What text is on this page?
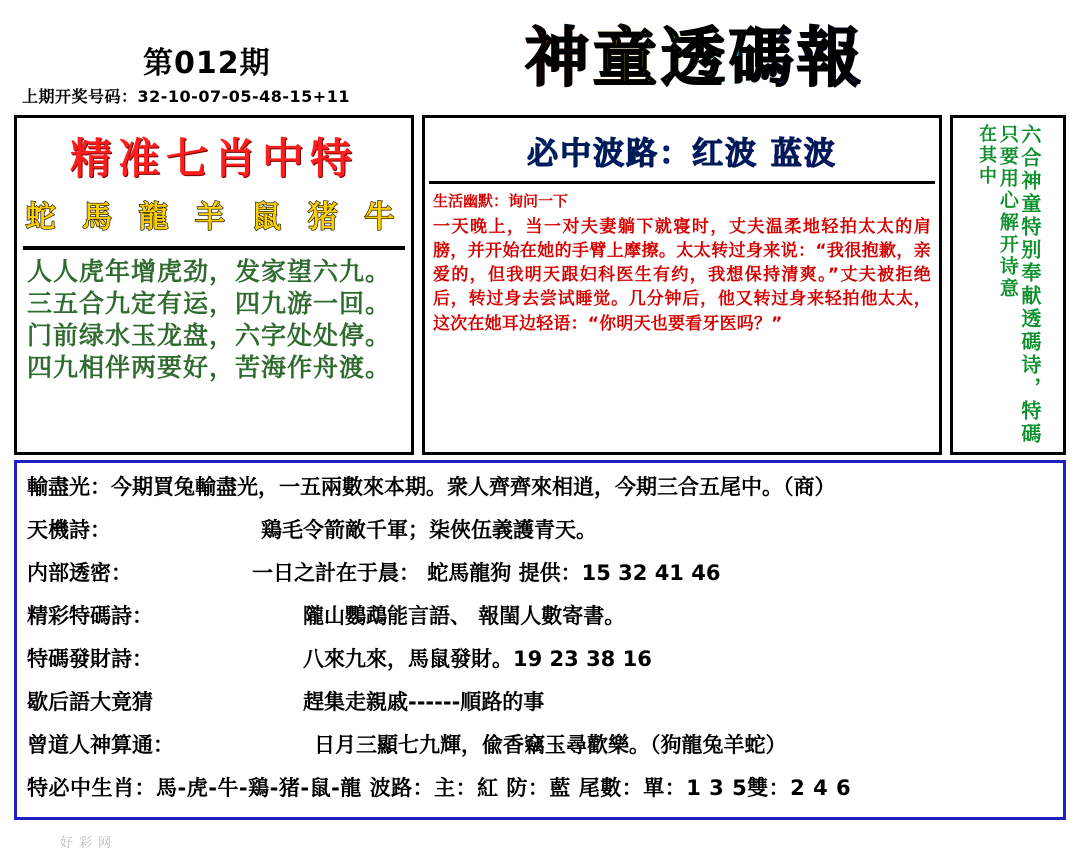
第012期
上期开奖号码：32-10-07-05-48-15+11
神童透碼報
精准七肖中特
蛇 馬 龍 羊 鼠 猪 牛
人人虎年增虎劲，发家望六九。
三五合九定有运，四九游一回。
门前绿水玉龙盘，六字处处停。
四九相伴两要好，苦海作舟渡。
必中波路：红波 蓝波
生活幽默：询问一下
一天晚上，当一对夫妻躺下就寝时，丈夫温柔地轻拍太太的肩膀，并开始在她的手臂上摩擦。太太转过身来说：“我很抱歉，亲爱的，但我明天跟妇科医生有约，我想保持清爽。”丈夫被拒绝后，转过身去尝试睡觉。几分钟后，他又转过身来轻拍他太太，这次在她耳边轻语：“你明天也要看牙医吗？”	六合神童特别奉献透碼诗，特碼
只要用心解开诗意
在其中
輸盡光： 今期買兔輸盡光，一五兩數來本期。衆人齊齊來相逍，今期三合五尾中。（商）
天機詩：	鶏毛令箭敵千軍；柒俠伍義護青天。
内部透密：	一日之計在于晨： 蛇馬龍狗 提供：15 32 41 46
精彩特碼詩：	隴山鸚鵡能言語、 報閨人數寄書。
特碼發財詩：	八來九來，馬鼠發財。19 23 38 16
歇后語大竟猜	趕集走親戚------順路的事
曾道人神算通：	日月三顯七九輝，偸香竊玉尋歡樂。（狗龍兔羊蛇）
特必中生肖：馬-虎-牛-鶏-猪-鼠-龍 波路：主：紅 防：藍 尾數：單：1 3 5雙：2 4 6
好彩网
